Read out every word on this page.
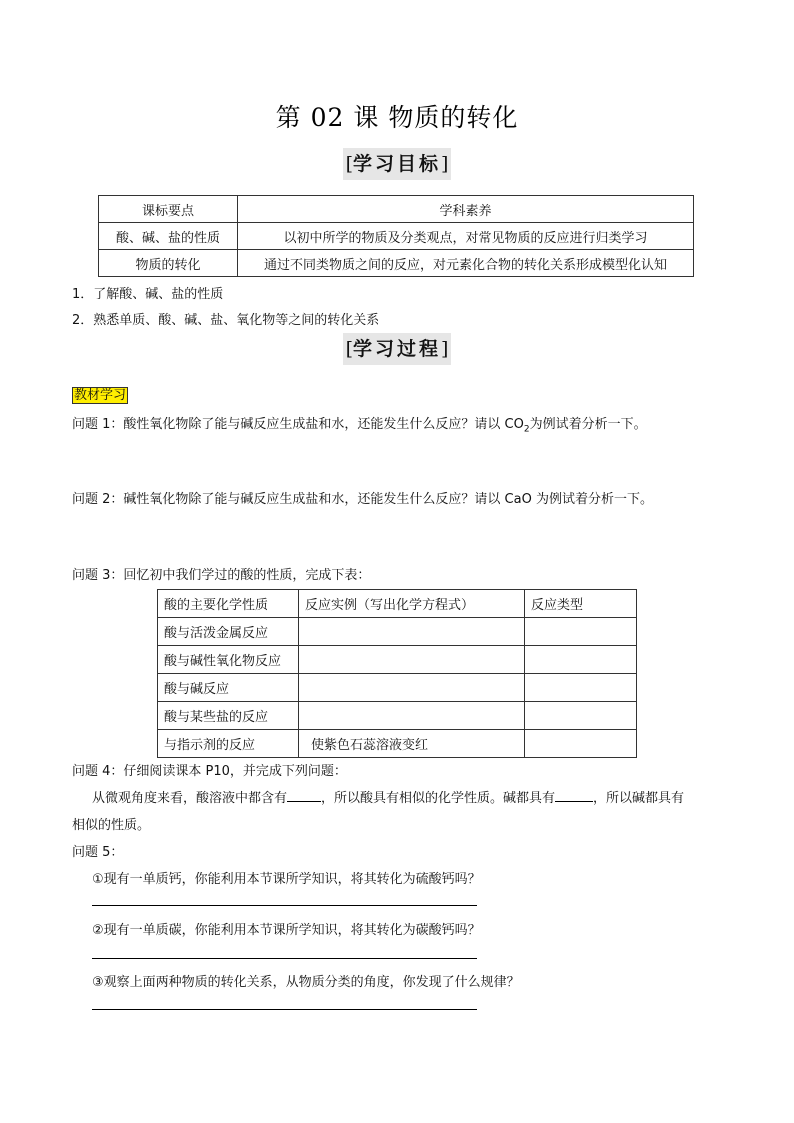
第 02 课 物质的转化
[学习目标]
课标要点	学科素养
酸、碱、盐的性质	以初中所学的物质及分类观点，对常见物质的反应进行归类学习
物质的转化	通过不同类物质之间的反应，对元素化合物的转化关系形成模型化认知
1．了解酸、碱、盐的性质
2．熟悉单质、酸、碱、盐、氧化物等之间的转化关系
[学习过程]
教材学习
问题 1：酸性氧化物除了能与碱反应生成盐和水，还能发生什么反应？请以 $CO_2$为例试着分析一下。
问题 2：碱性氧化物除了能与碱反应生成盐和水，还能发生什么反应？请以 CaO 为例试着分析一下。
问题 3：回忆初中我们学过的酸的性质，完成下表：
酸的主要化学性质	反应实例（写出化学方程式）	反应类型
酸与活泼金属反应		
酸与碱性氧化物反应		
酸与碱反应		
酸与某些盐的反应		
与指示剂的反应	使紫色石蕊溶液变红	
问题 4：仔细阅读课本 P10，并完成下列问题：
从微观角度来看，酸溶液中都含有	，所以酸具有相似的化学性质。碱都具有	，所以碱都具有
相似的性质。
问题 5：
①现有一单质钙，你能利用本节课所学知识，将其转化为硫酸钙吗？
②现有一单质碳，你能利用本节课所学知识，将其转化为碳酸钙吗？
③观察上面两种物质的转化关系，从物质分类的角度，你发现了什么规律？
